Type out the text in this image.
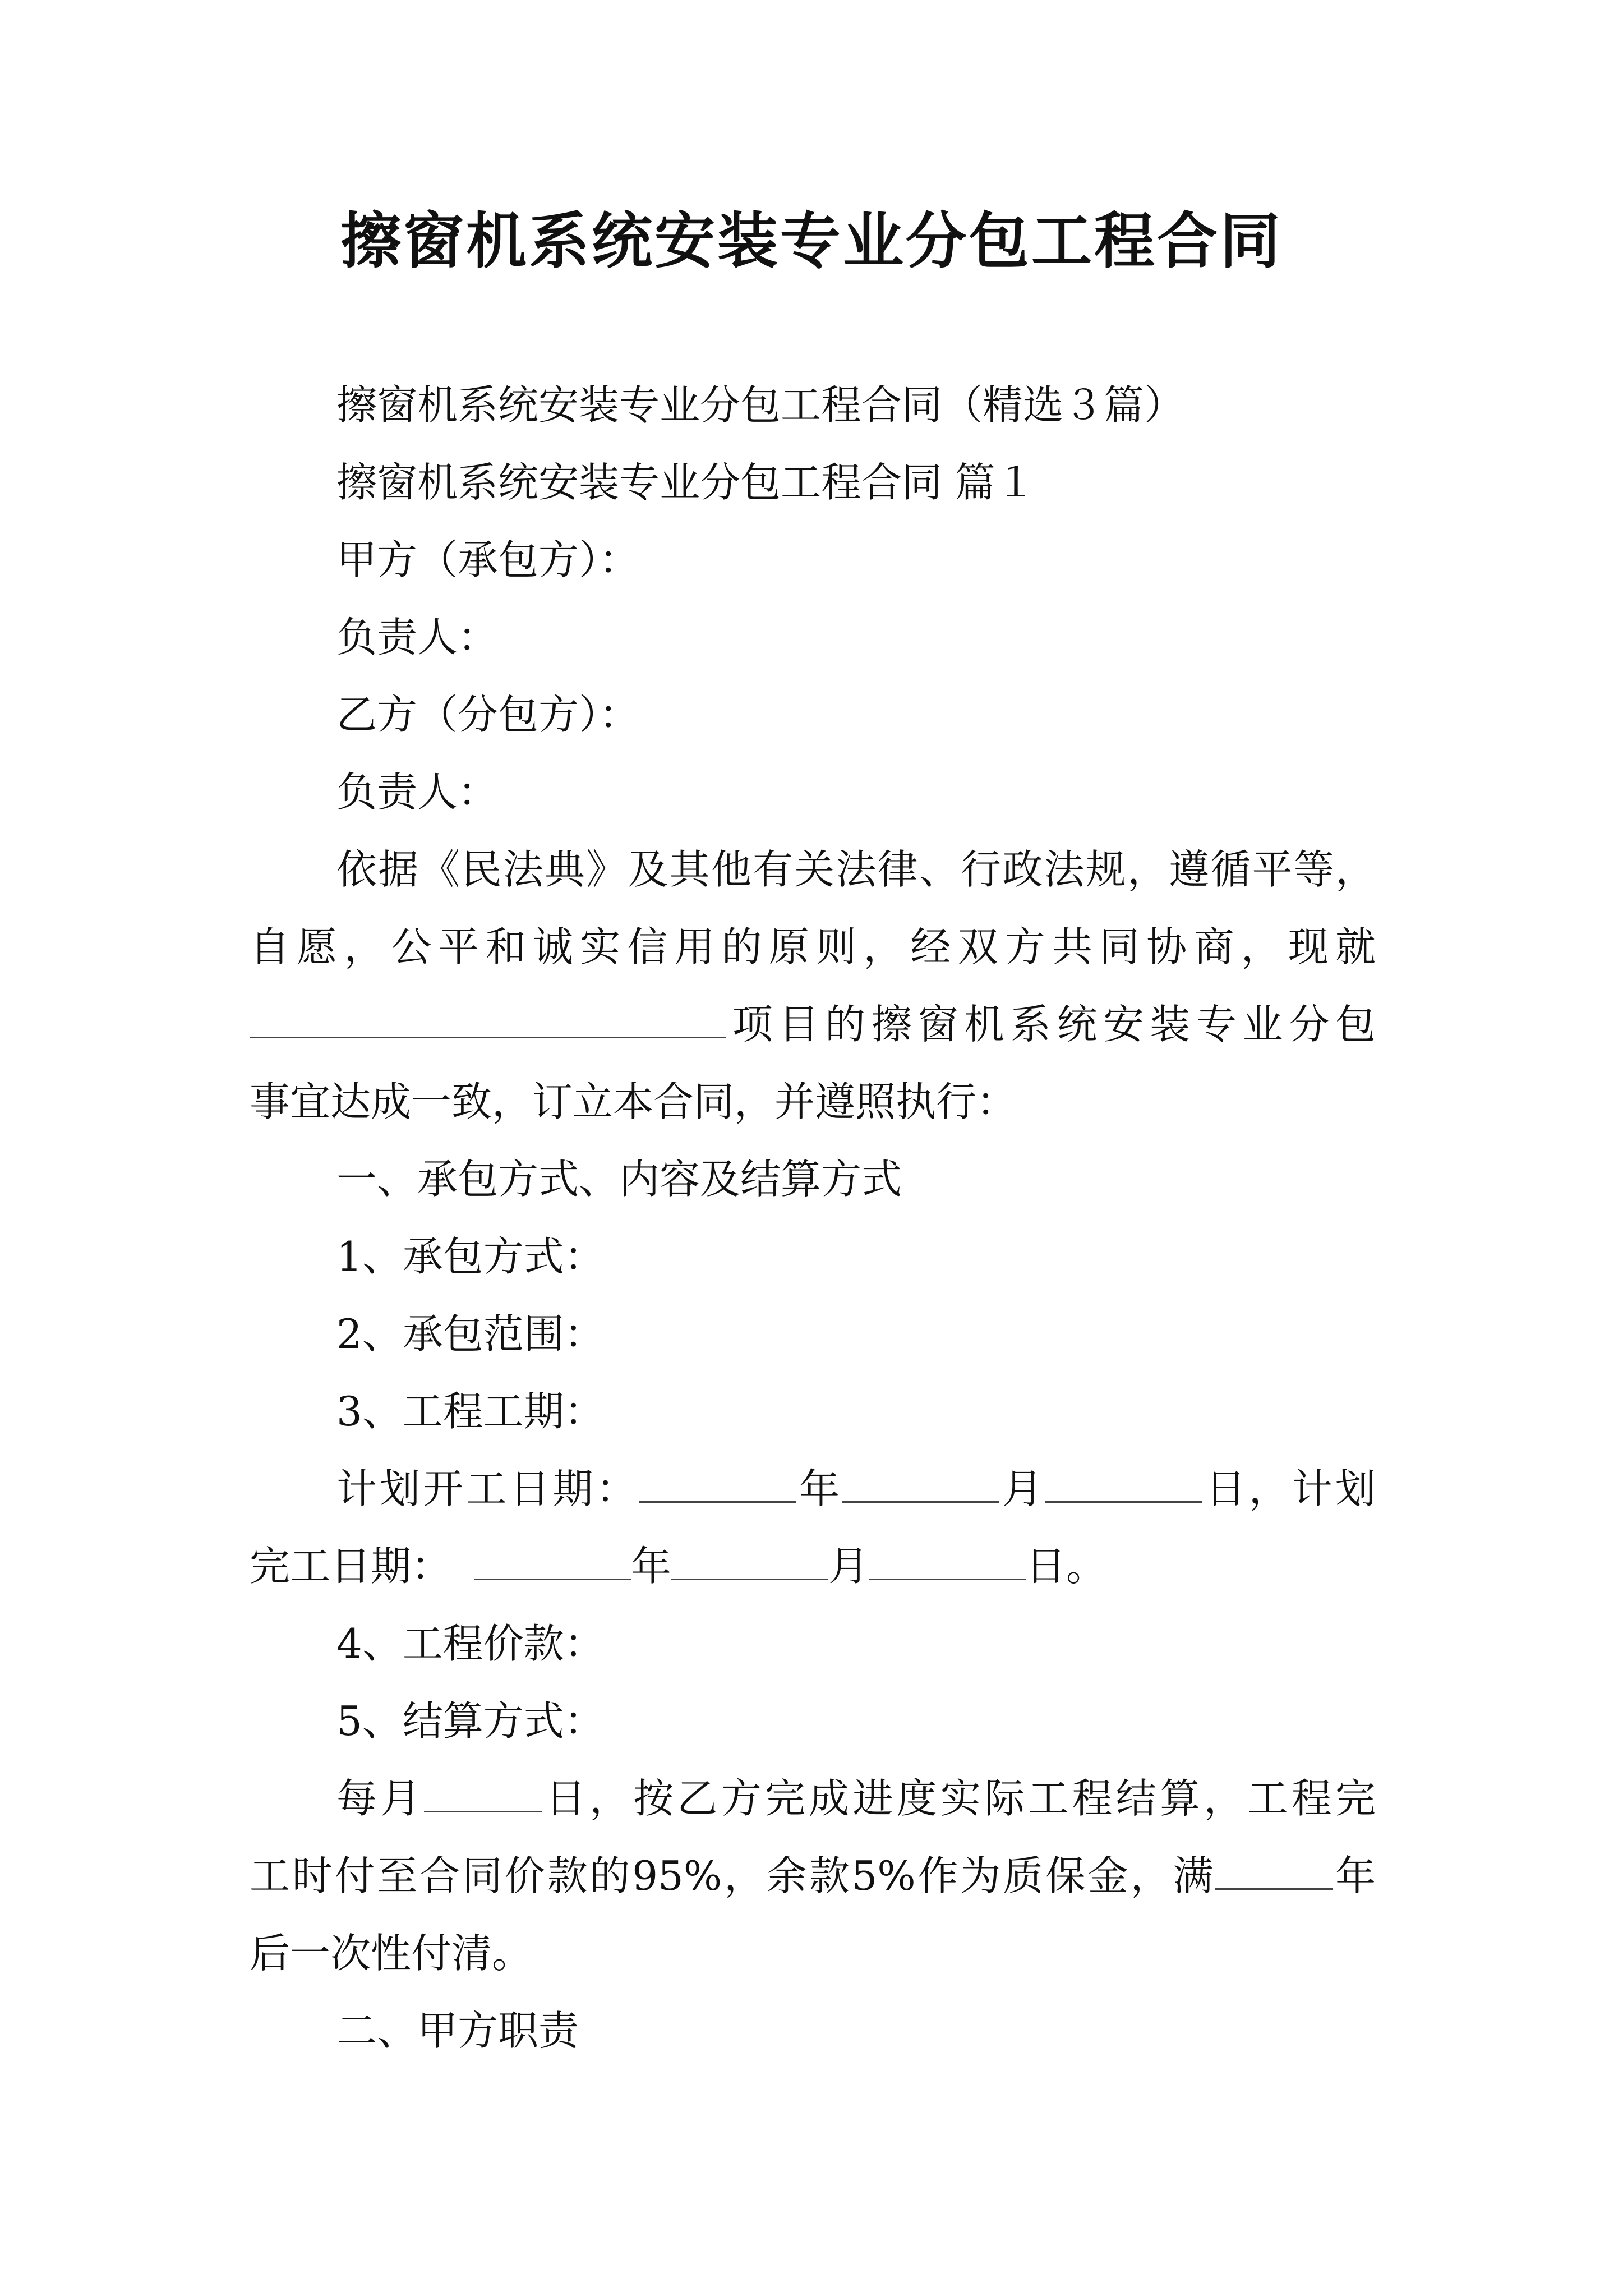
擦窗机系统安装专业分包工程合同
擦窗机系统安装专业分包工程合同（精选３篇）
擦窗机系统安装专业分包工程合同 篇１
甲方（承包方）：
负责人：
乙方（分包方）：
负责人：
依据《民法典》及其他有关法律、行政法规，遵循平等，
自愿，公平和诚实信用的原则，经双方共同协商，现就
项目的擦窗机系统安装专业分包
事宜达成一致，订立本合同，并遵照执行：
一、承包方式、内容及结算方式
1、承包方式：
2、承包范围：
3、工程工期：
计划开工日期：	年	月	日，计划
完工日期：	年	月	日。
4、工程价款：
5、结算方式：
每月	日，按乙方完成进度实际工程结算，工程完
工时付至合同价款的95%，余款5%作为质保金，满	年
后一次性付清。
二、甲方职责
